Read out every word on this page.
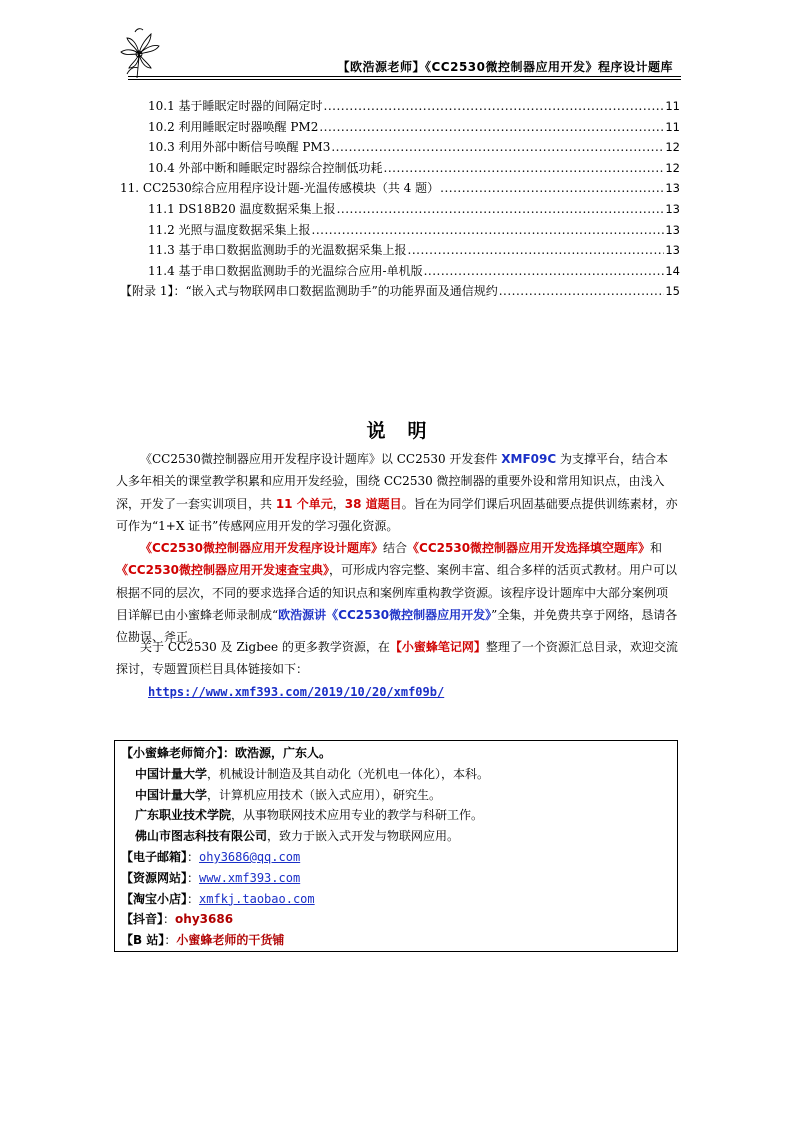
【欧浩源老师】《CC2530微控制器应用开发》程序设计题库
10.1 基于睡眠定时器的间隔定时 .....	11
10.2 利用睡眠定时器唤醒 PM2 .....	11
10.3 利用外部中断信号唤醒 PM3 .....	12
10.4 外部中断和睡眠定时器综合控制低功耗 .....	12
11. CC2530综合应用程序设计题-光温传感模块（共 4 题） .....	13
11.1 DS18B20 温度数据采集上报 .....	13
11.2 光照与温度数据采集上报 .....	13
11.3 基于串口数据监测助手的光温数据采集上报 .....	13
11.4 基于串口数据监测助手的光温综合应用-单机版 .....	14
【附录 1】：“嵌入式与物联网串口数据监测助手”的功能界面及通信规约 .....	15
说明
《CC2530微控制器应用开发程序设计题库》以 CC2530 开发套件 XMF09C 为支撑平台，结合本人多年相关的课堂教学积累和应用开发经验，围绕 CC2530 微控制器的重要外设和常用知识点，由浅入深，开发了一套实训项目，共 11 个单元，38 道题目。旨在为同学们课后巩固基础要点提供训练素材，亦可作为“1+X 证书”传感网应用开发的学习强化资源。
《CC2530微控制器应用开发程序设计题库》结合《CC2530微控制器应用开发选择填空题库》和《CC2530微控制器应用开发速查宝典》，可形成内容完整、案例丰富、组合多样的活页式教材。用户可以根据不同的层次，不同的要求选择合适的知识点和案例库重构教学资源。该程序设计题库中大部分案例项目详解已由小蜜蜂老师录制成“欧浩源讲《CC2530微控制器应用开发》”全集，并免费共享于网络，恳请各位勘误、斧正。
关于 CC2530 及 Zigbee 的更多教学资源，在【小蜜蜂笔记网】整理了一个资源汇总目录，欢迎交流探讨，专题置顶栏目具体链接如下：
https://www.xmf393.com/2019/10/20/xmf09b/
【小蜜蜂老师简介】：欧浩源，广东人。
中国计量大学，机械设计制造及其自动化（光机电一体化），本科。
中国计量大学，计算机应用技术（嵌入式应用），研究生。
广东职业技术学院，从事物联网技术应用专业的教学与科研工作。
佛山市图志科技有限公司，致力于嵌入式开发与物联网应用。
【电子邮箱】：ohy3686@qq.com
【资源网站】：www.xmf393.com
【淘宝小店】：xmfkj.taobao.com
【抖音】：ohy3686
【B 站】：小蜜蜂老师的干货铺
